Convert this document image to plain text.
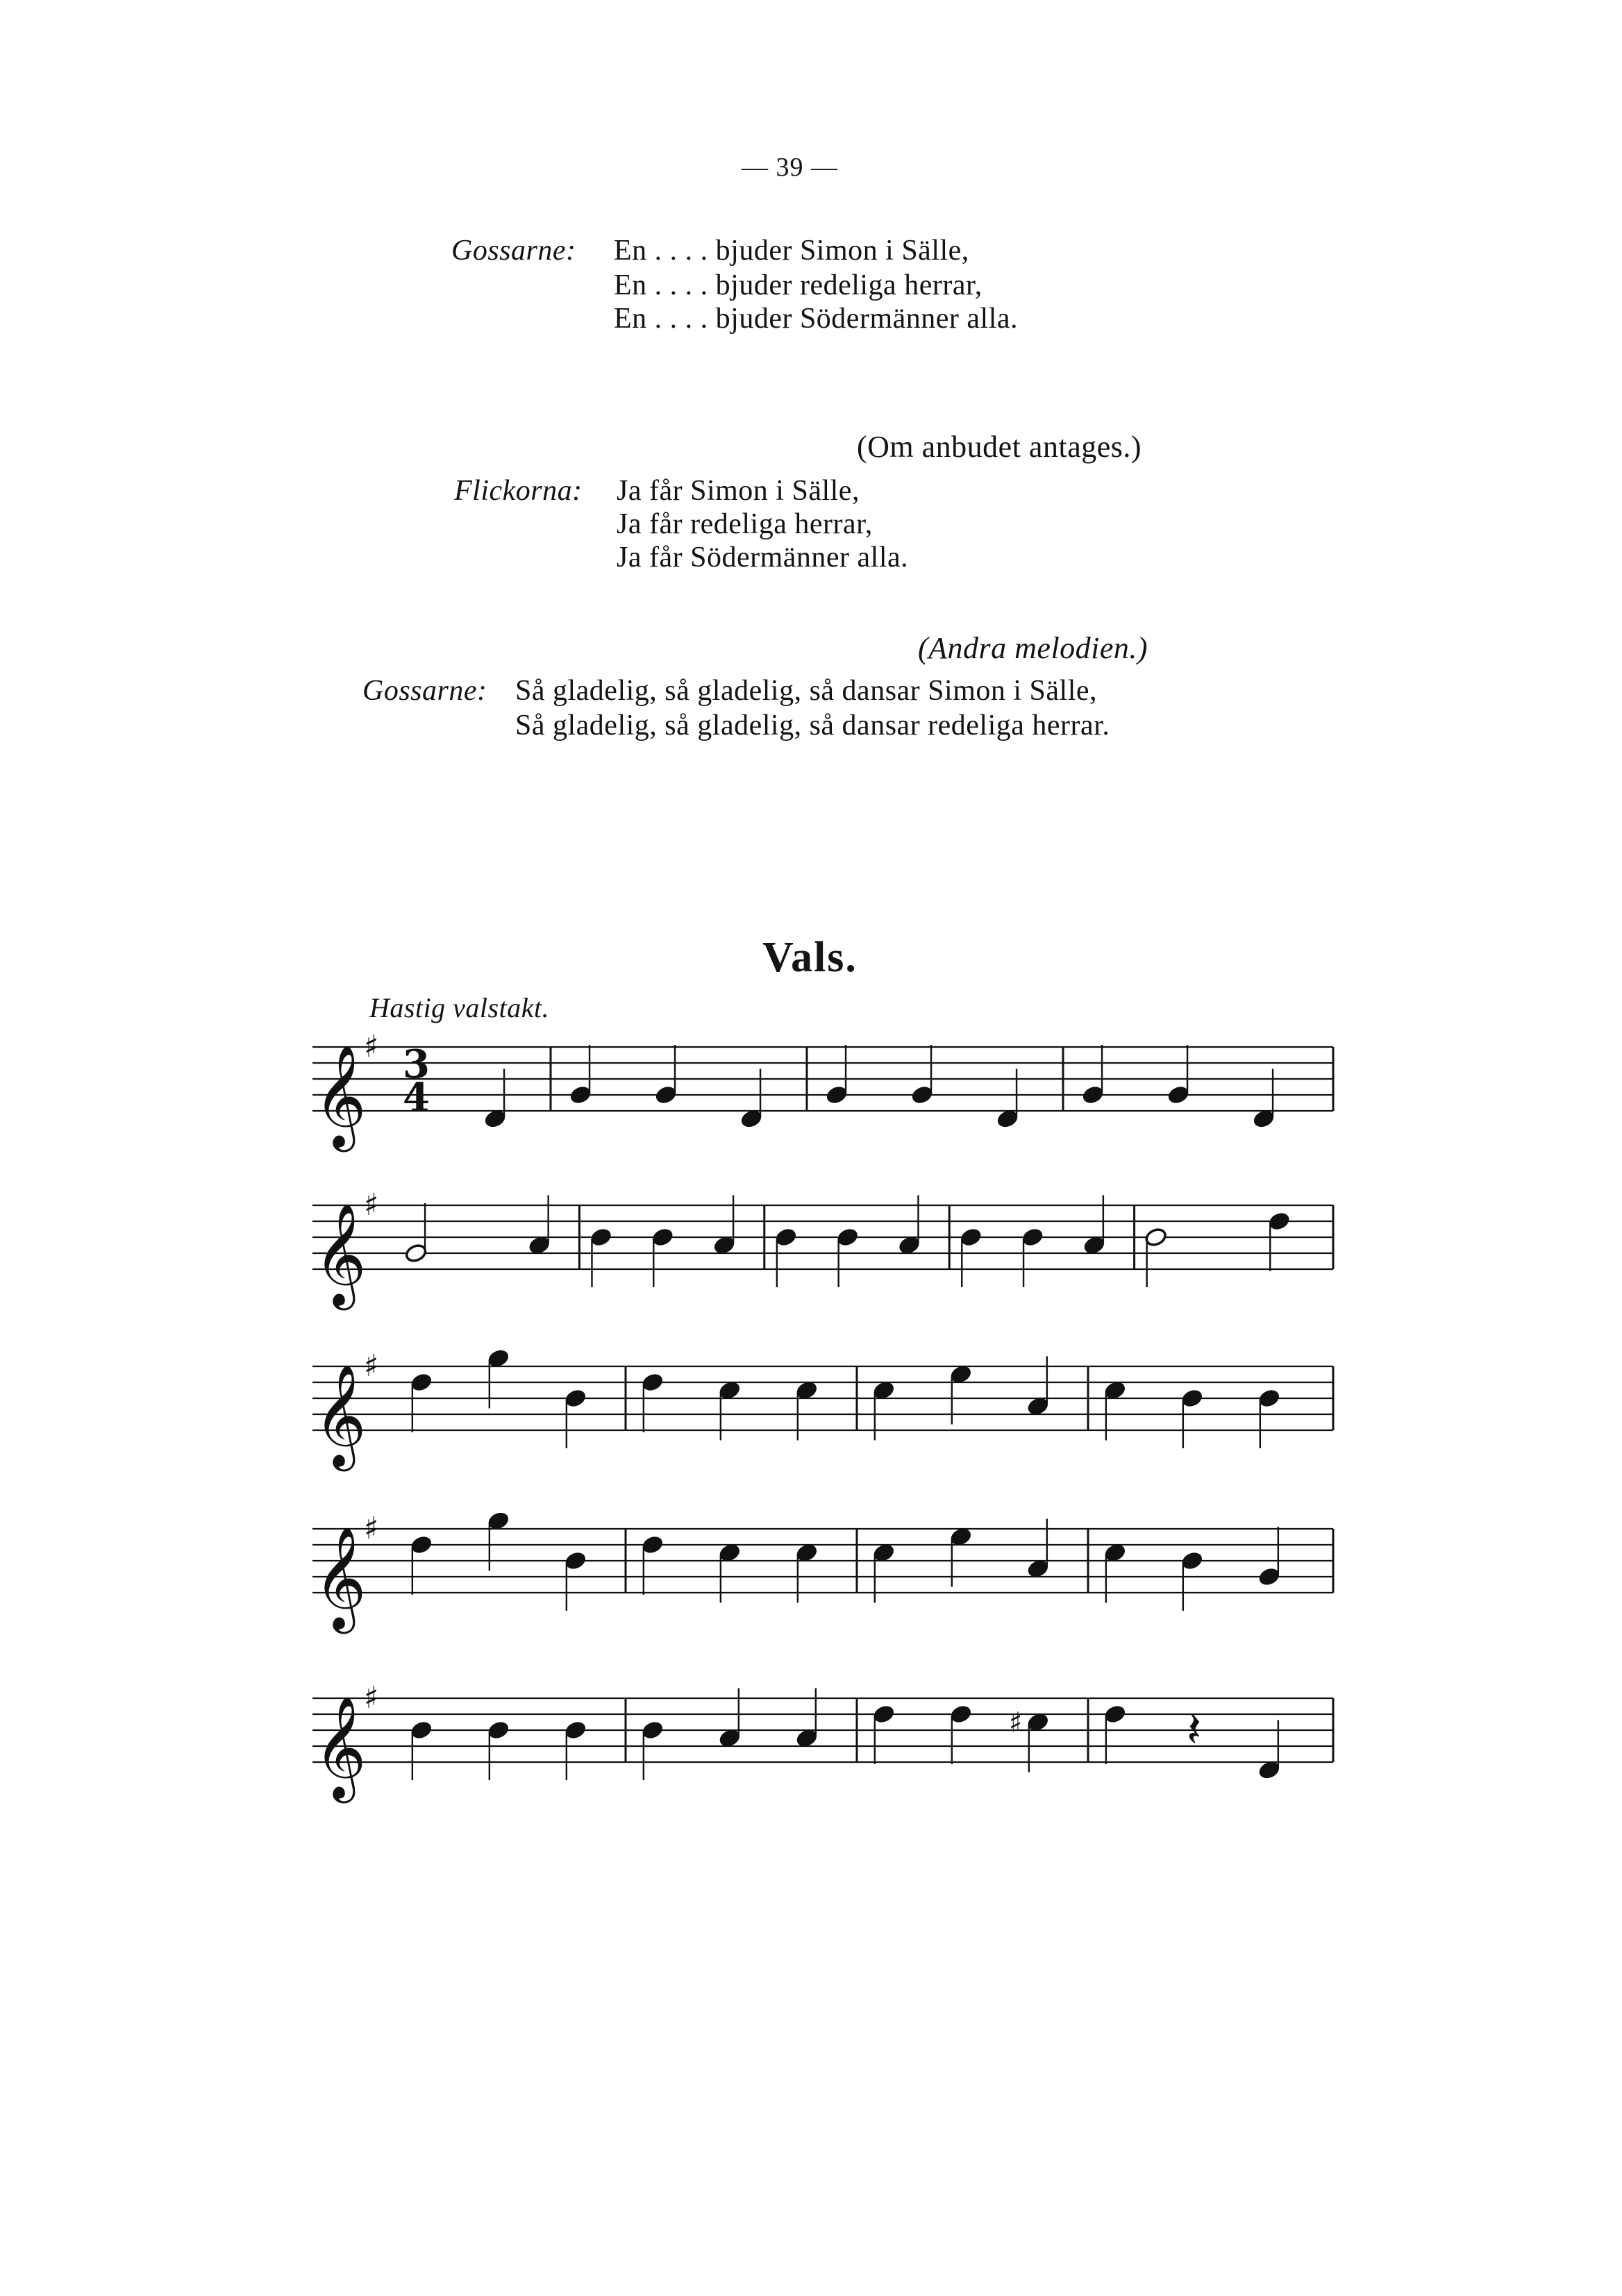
— 39 —
Gossarne: En . . . . bjuder Simon i Sälle,
En . . . . bjuder redeliga herrar,
En . . . . bjuder Södermänner alla.
(Om anbudet antages.)
Flickorna: Ja får Simon i Sälle,
Ja får redeliga herrar,
Ja får Södermänner alla.
(Andra melodien.)
Gossarne: Så gladelig, så gladelig, så dansar Simon i Sälle,
Så gladelig, så gladelig, så dansar redeliga herrar.
Vals.
Hastig valstakt.
𝄞
♯ 3
4
𝄞
♯
𝄞
♯
𝄞
♯
𝄞
♯
♯	𝄽
